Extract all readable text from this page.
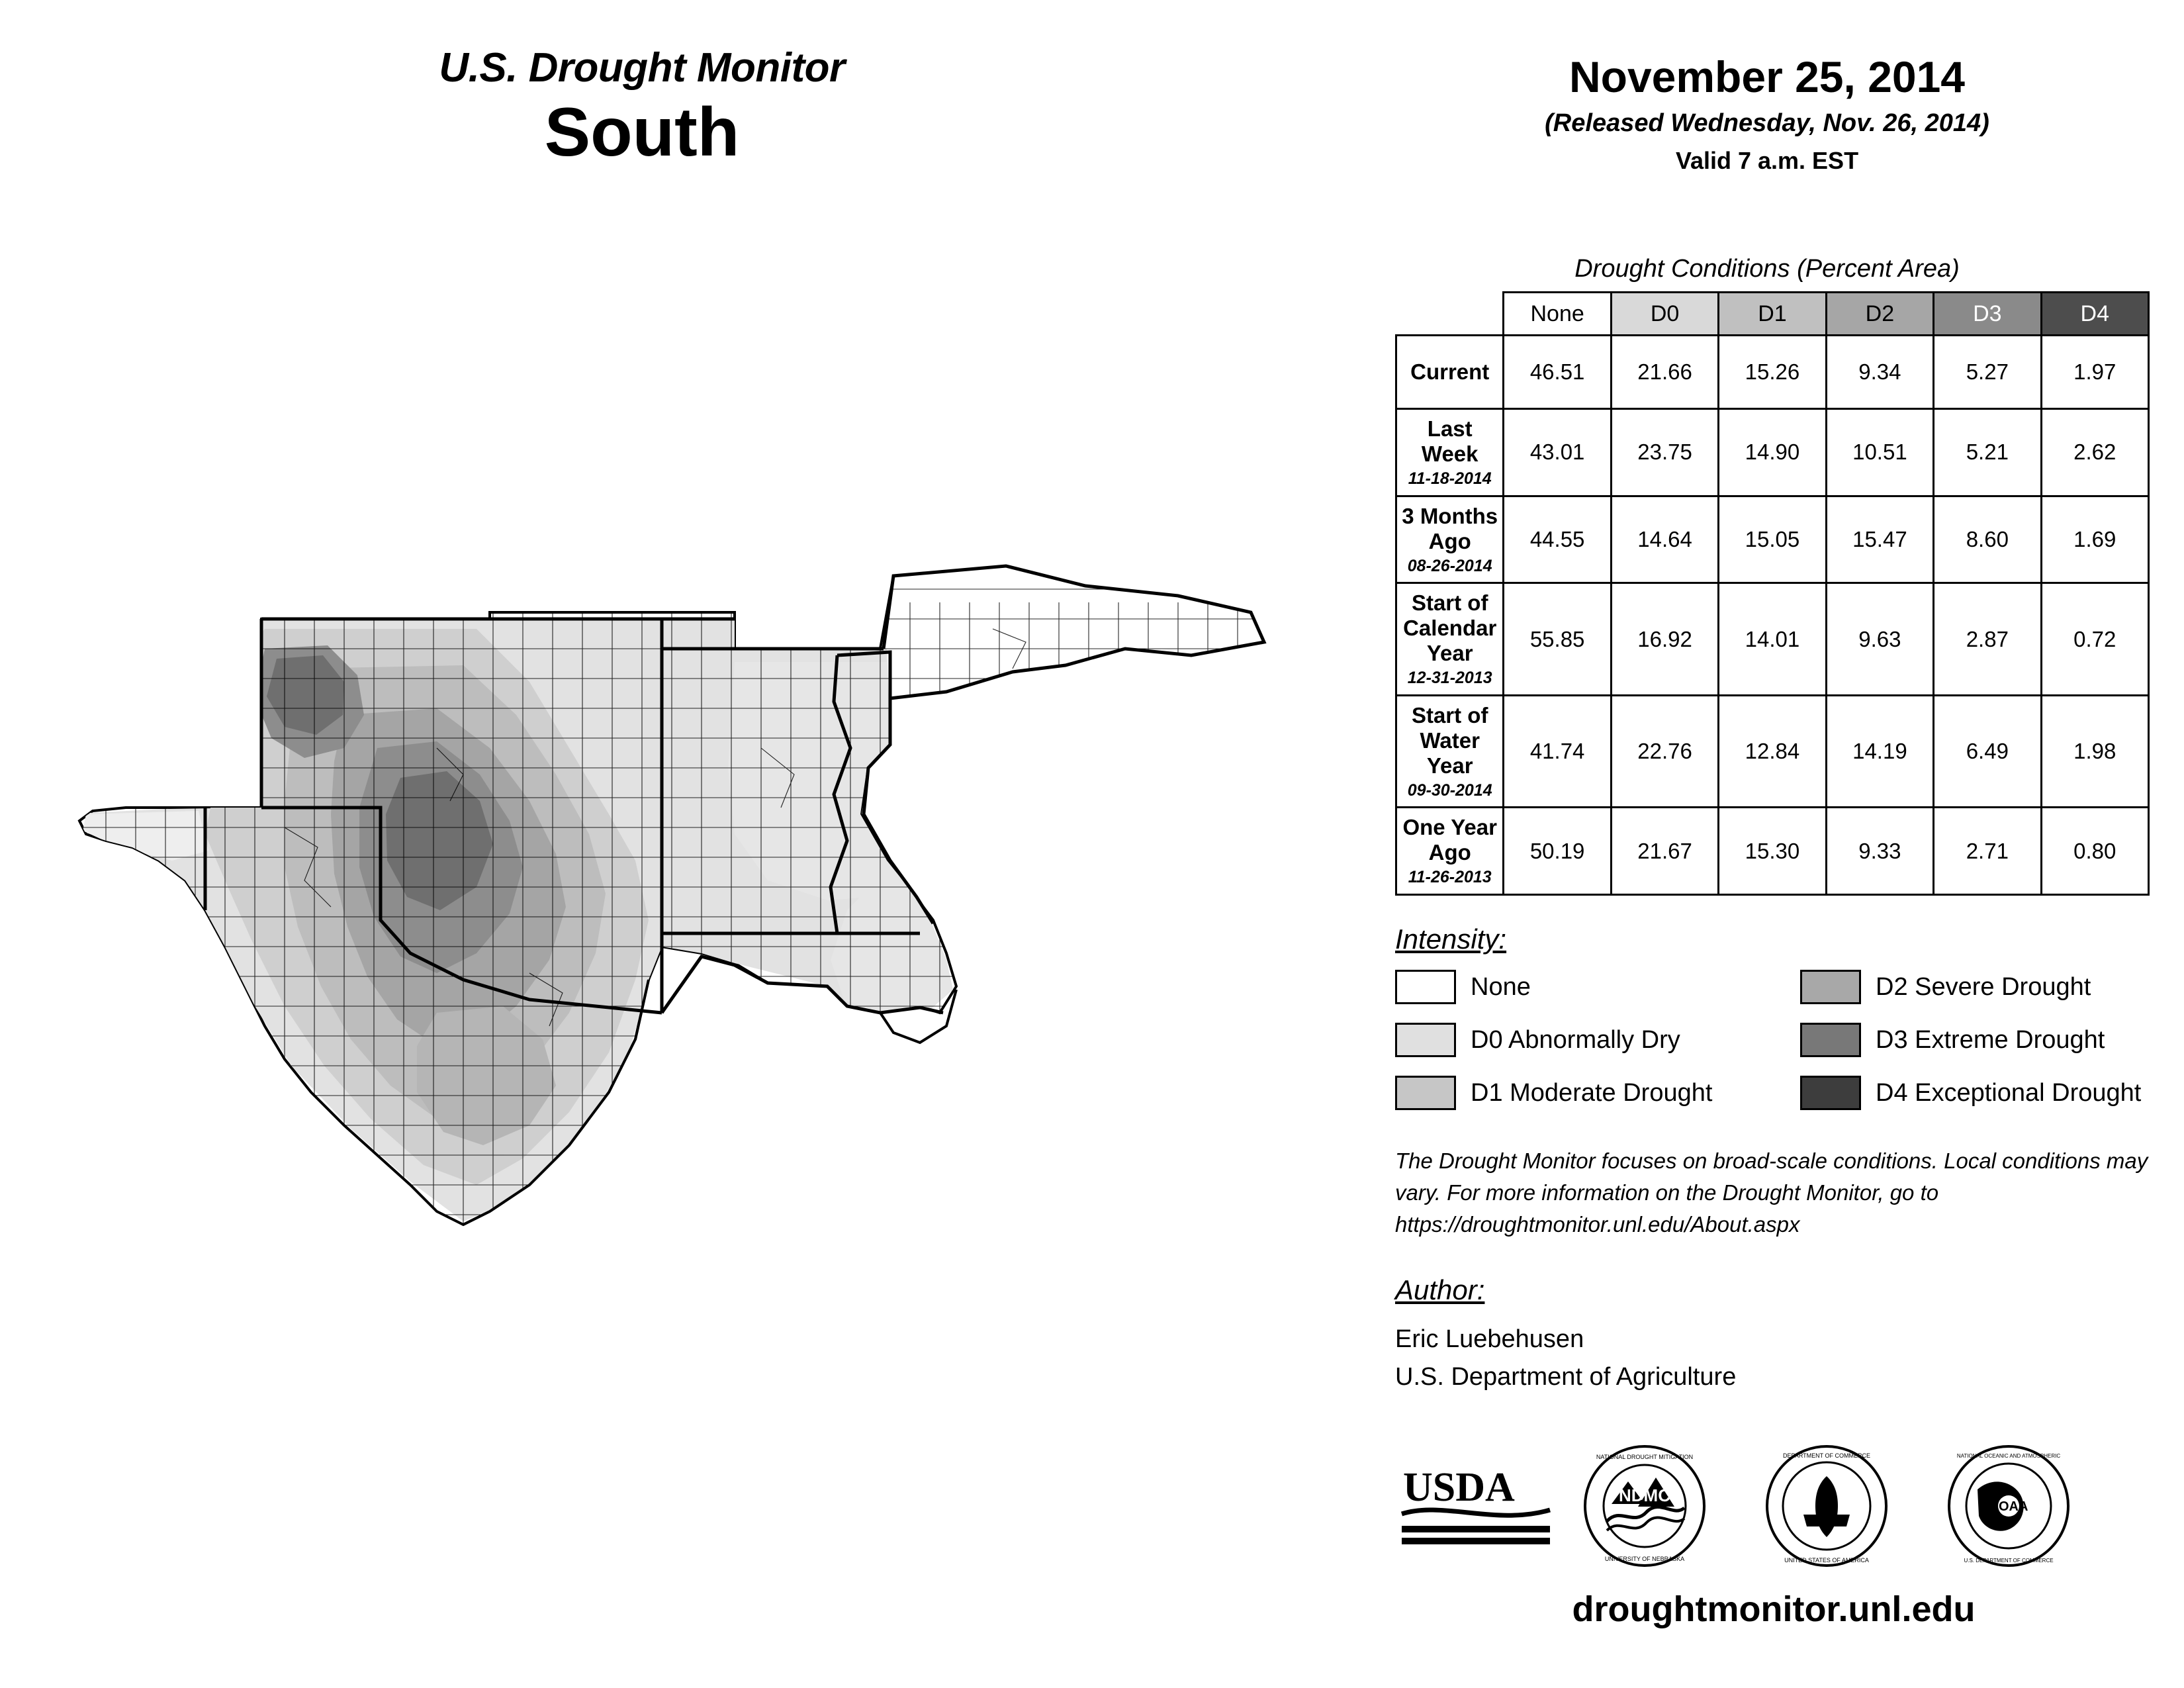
U.S. Drought Monitor
South
November 25, 2014
(Released Wednesday, Nov. 26, 2014)
Valid 7 a.m. EST
Drought Conditions (Percent Area)
	None	D0	D1	D2	D3	D4
Current	46.51	21.66	15.26	9.34	5.27	1.97
Last Week
11-18-2014	43.01	23.75	14.90	10.51	5.21	2.62
3 Months Ago
08-26-2014	44.55	14.64	15.05	15.47	8.60	1.69
Start of
Calendar Year
12-31-2013	55.85	16.92	14.01	9.63	2.87	0.72
Start of
Water Year
09-30-2014	41.74	22.76	12.84	14.19	6.49	1.98
One Year Ago
11-26-2013	50.19	21.67	15.30	9.33	2.71	0.80
Intensity:
None
D0 Abnormally Dry
D1 Moderate Drought
D2 Severe Drought
D3 Extreme Drought
D4 Exceptional Drought
The Drought Monitor focuses on broad-scale conditions. Local conditions may vary. For more information on the Drought Monitor, go to https://droughtmonitor.unl.edu/About.aspx
Author:
Eric Luebehusen
U.S. Department of Agriculture
USDA	NDMC
NATIONAL DROUGHT MITIGATION
UNIVERSITY OF NEBRASKA
DEPARTMENT OF COMMERCE
UNITED STATES OF AMERICA
NOAA
NATIONAL OCEANIC AND ATMOSPHERIC
U.S. DEPARTMENT OF COMMERCE
droughtmonitor.unl.edu
